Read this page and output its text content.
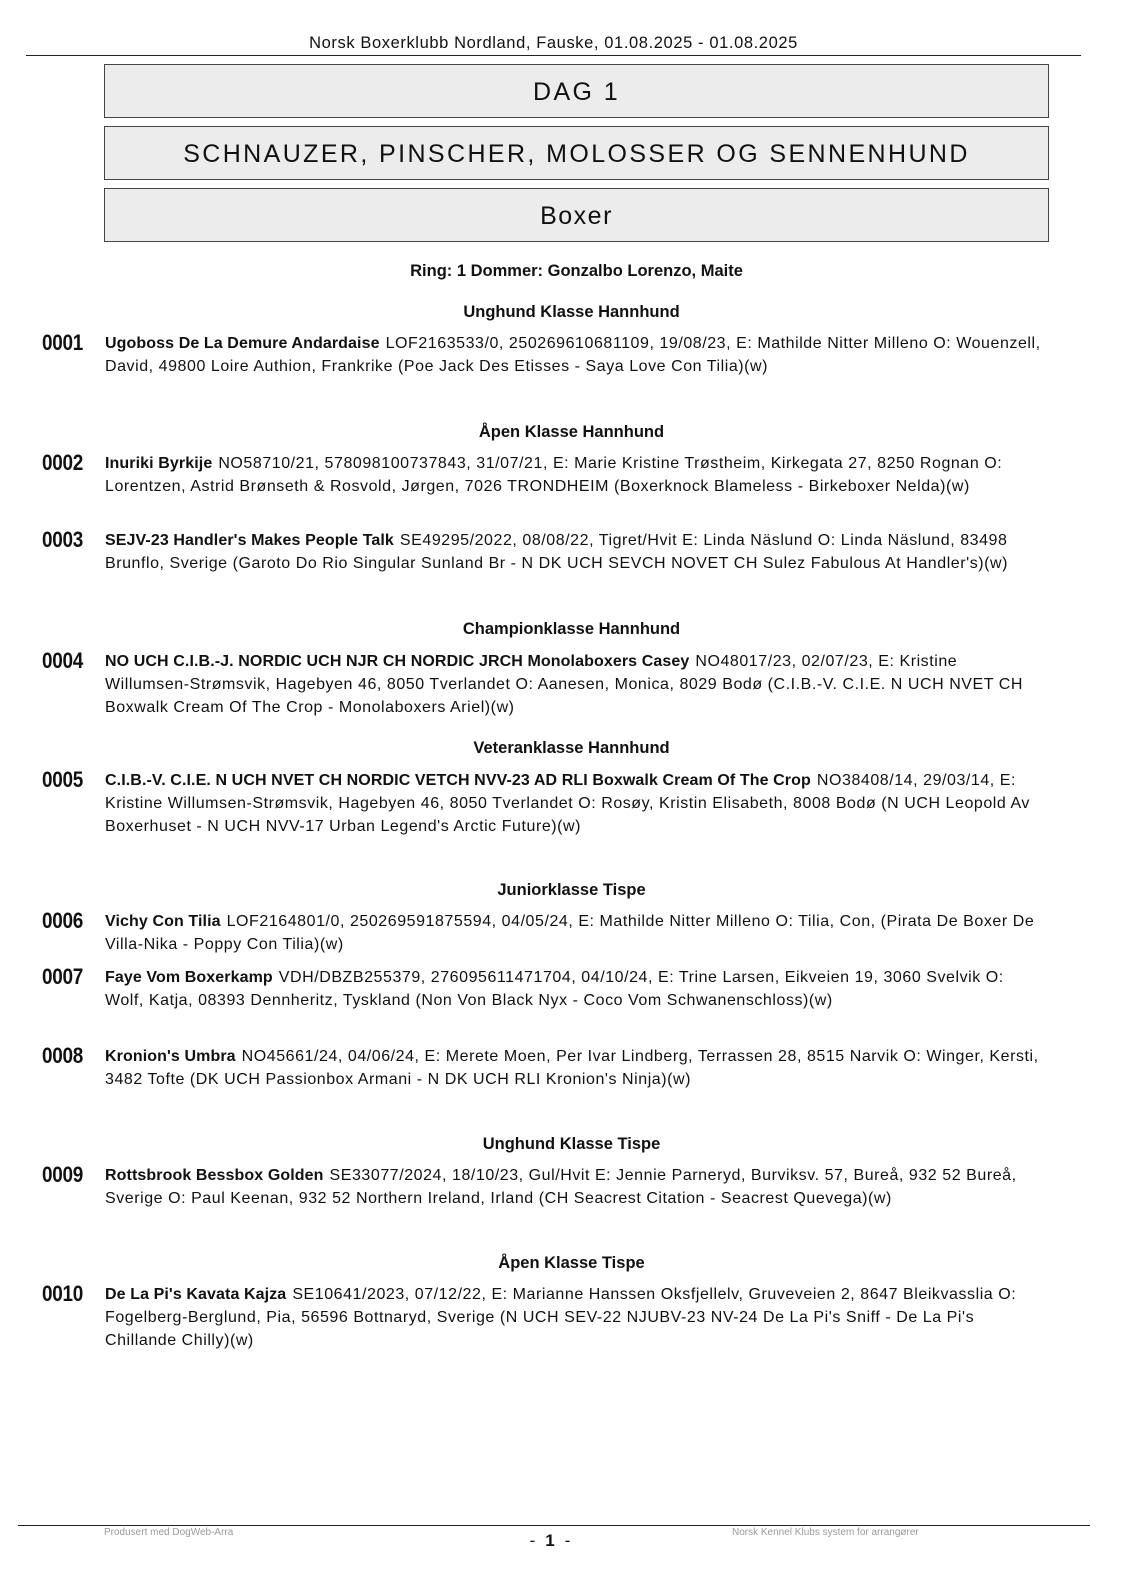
Norsk Boxerklubb Nordland, Fauske, 01.08.2025 - 01.08.2025
DAG 1
SCHNAUZER, PINSCHER, MOLOSSER OG SENNENHUND
Boxer
Ring: 1 Dommer: Gonzalbo Lorenzo, Maite
Unghund Klasse Hannhund
Åpen Klasse Hannhund
Championklasse Hannhund
Veteranklasse Hannhund
Juniorklasse Tispe
Unghund Klasse Tispe
Åpen Klasse Tispe
0001 Ugoboss De La Demure Andardaise LOF2163533/0, 250269610681109, 19/08/23, E: Mathilde Nitter Milleno O: Wouenzell, David, 49800 Loire Authion, Frankrike (Poe Jack Des Etisses - Saya Love Con Tilia)(w)
0002 Inuriki Byrkije NO58710/21, 578098100737843, 31/07/21, E: Marie Kristine Trøstheim, Kirkegata 27, 8250 Rognan O: Lorentzen, Astrid Brønseth & Rosvold, Jørgen, 7026 TRONDHEIM (Boxerknock Blameless - Birkeboxer Nelda)(w)
0003 SEJV-23 Handler's Makes People Talk SE49295/2022, 08/08/22, Tigret/Hvit E: Linda Näslund O: Linda Näslund, 83498 Brunflo, Sverige (Garoto Do Rio Singular Sunland Br - N DK UCH SEVCH NOVET CH Sulez Fabulous At Handler's)(w)
0004 NO UCH C.I.B.-J. NORDIC UCH NJR CH NORDIC JRCH Monolaboxers Casey NO48017/23, 02/07/23, E: Kristine Willumsen-Strømsvik, Hagebyen 46, 8050 Tverlandet O: Aanesen, Monica, 8029 Bodø (C.I.B.-V. C.I.E. N UCH NVET CH Boxwalk Cream Of The Crop - Monolaboxers Ariel)(w)
0005 C.I.B.-V. C.I.E. N UCH NVET CH NORDIC VETCH NVV-23 AD RLI Boxwalk Cream Of The Crop NO38408/14, 29/03/14, E: Kristine Willumsen-Strømsvik, Hagebyen 46, 8050 Tverlandet O: Rosøy, Kristin Elisabeth, 8008 Bodø (N UCH Leopold Av Boxerhuset - N UCH NVV-17 Urban Legend's Arctic Future)(w)
0006 Vichy Con Tilia LOF2164801/0, 250269591875594, 04/05/24, E: Mathilde Nitter Milleno O: Tilia, Con, (Pirata De Boxer De Villa-Nika - Poppy Con Tilia)(w)
0007 Faye Vom Boxerkamp VDH/DBZB255379, 276095611471704, 04/10/24, E: Trine Larsen, Eikveien 19, 3060 Svelvik O: Wolf, Katja, 08393 Dennheritz, Tyskland (Non Von Black Nyx - Coco Vom Schwanenschloss)(w)
0008 Kronion's Umbra NO45661/24, 04/06/24, E: Merete Moen, Per Ivar Lindberg, Terrassen 28, 8515 Narvik O: Winger, Kersti, 3482 Tofte (DK UCH Passionbox Armani - N DK UCH RLI Kronion's Ninja)(w)
0009 Rottsbrook Bessbox Golden SE33077/2024, 18/10/23, Gul/Hvit E: Jennie Parneryd, Burviksv. 57, Bureå, 932 52 Bureå, Sverige O: Paul Keenan, 932 52 Northern Ireland, Irland (CH Seacrest Citation - Seacrest Quevega)(w)
0010 De La Pi's Kavata Kajza SE10641/2023, 07/12/22, E: Marianne Hanssen Oksfjellelv, Gruveveien 2, 8647 Bleikvasslia O: Fogelberg-Berglund, Pia, 56596 Bottnaryd, Sverige (N UCH SEV-22 NJUBV-23 NV-24 De La Pi's Sniff - De La Pi's Chillande Chilly)(w)
Produsert med DogWeb-Arra	- 1 -	Norsk Kennel Klubs system for arrangører
